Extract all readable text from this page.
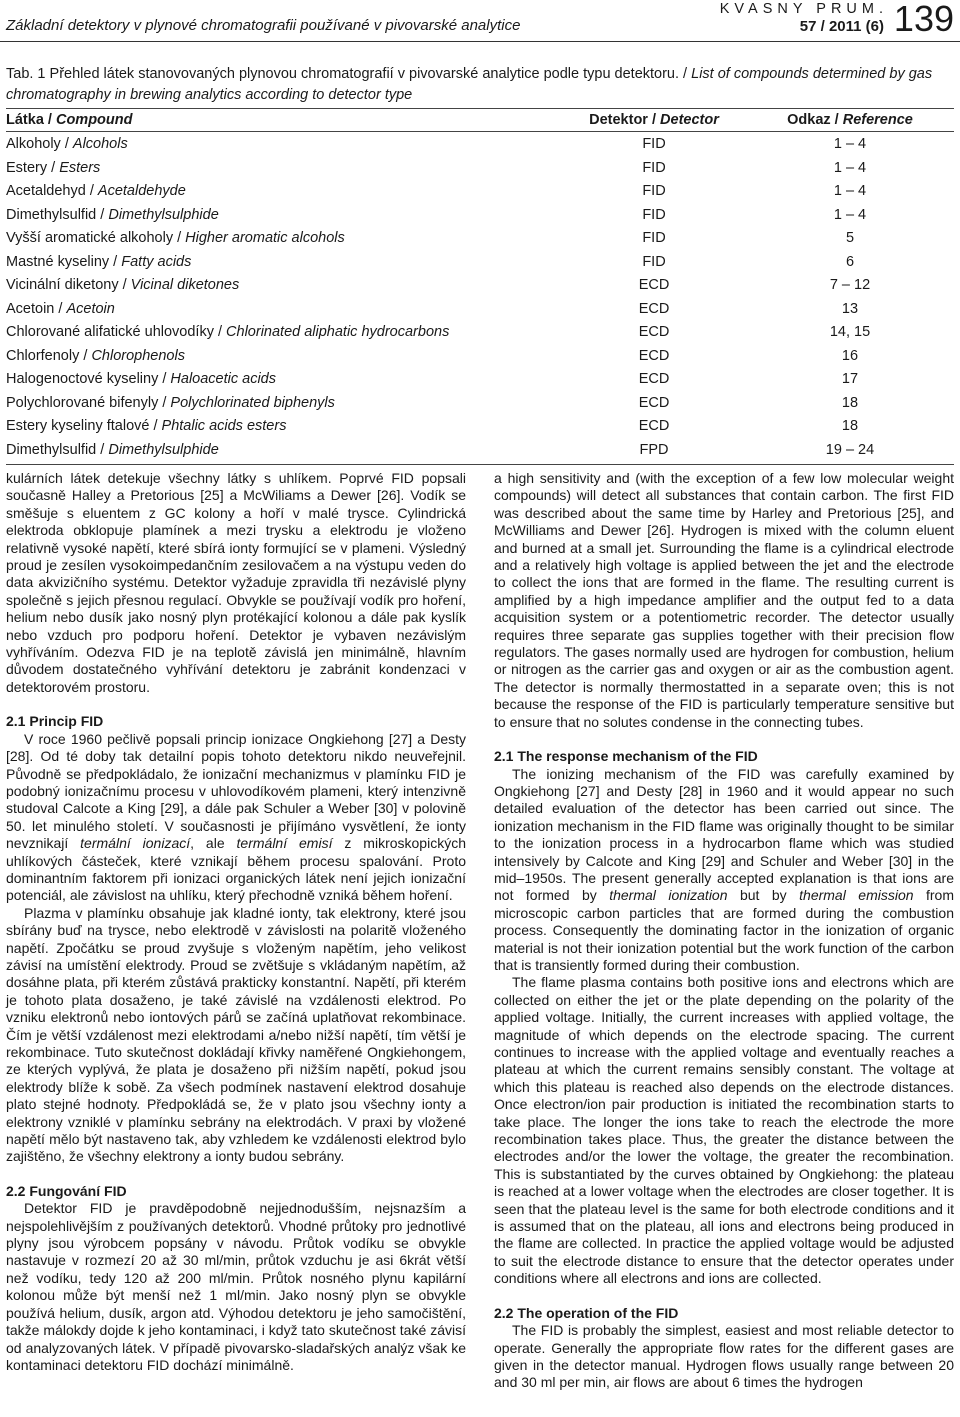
Základní detektory v plynové chromatografii používané v pivovarské analytice
KVASNY PRUM.
57 / 2011 (6) 139
Tab. 1 Přehled látek stanovovaných plynovou chromatografií v pivovarské analytice podle typu detektoru. / List of compounds determined by gas chromatography in brewing analytics according to detector type
Látka / Compound	Detektor / Detector	Odkaz / Reference
Alkoholy / Alcohols	FID	1 – 4
Estery / Esters	FID	1 – 4
Acetaldehyd / Acetaldehyde	FID	1 – 4
Dimethylsulfid / Dimethylsulphide	FID	1 – 4
Vyšší aromatické alkoholy / Higher aromatic alcohols	FID	5
Mastné kyseliny / Fatty acids	FID	6
Vicinální diketony / Vicinal diketones	ECD	7 – 12
Acetoin / Acetoin	ECD	13
Chlorované alifatické uhlovodíky / Chlorinated aliphatic hydrocarbons	ECD	14, 15
Chlorfenoly / Chlorophenols	ECD	16
Halogenoctové kyseliny / Haloacetic acids	ECD	17
Polychlorované bifenyly / Polychlorinated biphenyls	ECD	18
Estery kyseliny ftalové / Phtalic acids esters	ECD	18
Dimethylsulfid / Dimethylsulphide	FPD	19 – 24

kulárních látek detekuje všechny látky s uhlíkem. Poprvé FID popsali současně Halley a Pretorious [25] a McWiliams a Dewer [26]. Vodík se směšuje s eluentem z GC kolony a hoří v malé trysce. Cylindrická elektroda obklopuje plamínek a mezi trysku a elektrodu je vloženo relativně vysoké napětí, které sbírá ionty formující se v plameni. Výsledný proud je zesílen vysokoimpedančním zesilovačem a na výstupu veden do data akvizičního systému. Detektor vyžaduje zpravidla tři nezávislé plyny společně s jejich přesnou regulací. Obvykle se používají vodík pro hoření, helium nebo dusík jako nosný plyn protékající kolonou a dále pak kyslík nebo vzduch pro podporu hoření. Detektor je vybaven nezávislým vyhříváním. Odezva FID je na teplotě závislá jen minimálně, hlavním důvodem dostatečného vyhřívání detektoru je zabránit kondenzaci v detektorovém prostoru.

2.1 Princip FID

V roce 1960 pečlivě popsali princip ionizace Ongkiehong [27] a Desty [28]. Od té doby tak detailní popis tohoto detektoru nikdo neuveřejnil. Původně se předpokládalo, že ionizační mechanizmus v plamínku FID je podobný ionizačnímu procesu v uhlovodíkovém plameni, který intenzivně studoval Calcote a King [29], a dále pak Schuler a Weber [30] v polovině 50. let minulého století. V současnosti je přijímáno vysvětlení, že ionty nevznikají termální ionizací, ale termální emisí z mikroskopických uhlíkových částeček, které vznikají během procesu spalování. Proto dominantním faktorem při ionizaci organických látek není jejich ionizační potenciál, ale závislost na uhlíku, který přechodně vzniká během hoření.

Plazma v plamínku obsahuje jak kladné ionty, tak elektrony, které jsou sbírány buď na trysce, nebo elektrodě v závislosti na polaritě vloženého napětí. Zpočátku se proud zvyšuje s vloženým napětím, jeho velikost závisí na umístění elektrody. Proud se zvětšuje s vkládaným napětím, až dosáhne plata, při kterém zůstává prakticky konstantní. Napětí, při kterém je tohoto plata dosaženo, je také závislé na vzdálenosti elektrod. Po vzniku elektronů nebo iontových párů se začíná uplatňovat rekombinace. Čím je větší vzdálenost mezi elektrodami a/nebo nižší napětí, tím větší je rekombinace. Tuto skutečnost dokládají křivky naměřené Ongkiehongem, ze kterých vyplývá, že plata je dosaženo při nižším napětí, pokud jsou elektrody blíže k sobě. Za všech podmínek nastavení elektrod dosahuje plato stejné hodnoty. Předpokládá se, že v plato jsou všechny ionty a elektrony vzniklé v plamínku sebrány na elektrodách. V praxi by vložené napětí mělo být nastaveno tak, aby vzhledem ke vzdálenosti elektrod bylo zajištěno, že všechny elektrony a ionty budou sebrány.

2.2 Fungování FID

Detektor FID je pravděpodobně nejjednodušším, nejsnazším a nejspolehlivějším z používaných detektorů. Vhodné průtoky pro jednotlivé plyny jsou výrobcem popsány v návodu. Průtok vodíku se obvykle nastavuje v rozmezí 20 až 30 ml/min, průtok vzduchu je asi 6krát větší než vodíku, tedy 120 až 200 ml/min. Průtok nosného plynu kapilární kolonou může být menší než 1 ml/min. Jako nosný plyn se obvykle používá helium, dusík, argon atd. Výhodou detektoru je jeho samočištění, takže málokdy dojde k jeho kontaminaci, i když tato skutečnost také závisí od analyzovaných látek. V případě pivovarsko-sladařských analýz však ke kontaminaci detektoru FID dochází minimálně.

a high sensitivity and (with the exception of a few low molecular weight compounds) will detect all substances that contain carbon. The first FID was described about the same time by Harley and Pretorious [25], and McWilliams and Dewer [26]. Hydrogen is mixed with the column eluent and burned at a small jet. Surrounding the flame is a cylindrical electrode and a relatively high voltage is applied between the jet and the electrode to collect the ions that are formed in the flame. The resulting current is amplified by a high impedance amplifier and the output fed to a data acquisition system or a potentiometric recorder. The detector usually requires three separate gas supplies together with their precision flow regulators. The gases normally used are hydrogen for combustion, helium or nitrogen as the carrier gas and oxygen or air as the combustion agent. The detector is normally thermostatted in a separate oven; this is not because the response of the FID is particularly temperature sensitive but to ensure that no solutes condense in the connecting tubes.

2.1 The response mechanism of the FID

The ionizing mechanism of the FID was carefully examined by Ongkiehong [27] and Desty [28] in 1960 and it would appear no such detailed evaluation of the detector has been carried out since. The ionization mechanism in the FID flame was originally thought to be similar to the ionization process in a hydrocarbon flame which was studied intensively by Calcote and King [29] and Schuler and Weber [30] in the mid–1950s. The present generally accepted explanation is that ions are not formed by thermal ionization but by thermal emission from microscopic carbon particles that are formed during the combustion process. Consequently the dominating factor in the ionization of organic material is not their ionization potential but the work function of the carbon that is transiently formed during their combustion.

The flame plasma contains both positive ions and electrons which are collected on either the jet or the plate depending on the polarity of the applied voltage. Initially, the current increases with applied voltage, the magnitude of which depends on the electrode spacing. The current continues to increase with the applied voltage and eventually reaches a plateau at which the current remains sensibly constant. The voltage at which this plateau is reached also depends on the electrode distances. Once electron/ion pair production is initiated the recombination starts to take place. The longer the ions take to reach the electrode the more recombination takes place. Thus, the greater the distance between the electrodes and/or the lower the voltage, the greater the recombination. This is substantiated by the curves obtained by Ongkiehong: the plateau is reached at a lower voltage when the electrodes are closer together. It is seen that the plateau level is the same for both electrode conditions and it is assumed that on the plateau, all ions and electrons being produced in the flame are collected. In practice the applied voltage would be adjusted to suit the electrode distance to ensure that the detector operates under conditions where all electrons and ions are collected.

2.2 The operation of the FID

The FID is probably the simplest, easiest and most reliable detector to operate. Generally the appropriate flow rates for the different gases are given in the detector manual. Hydrogen flows usually range between 20 and 30 ml per min, air flows are about 6 times the hydrogen
